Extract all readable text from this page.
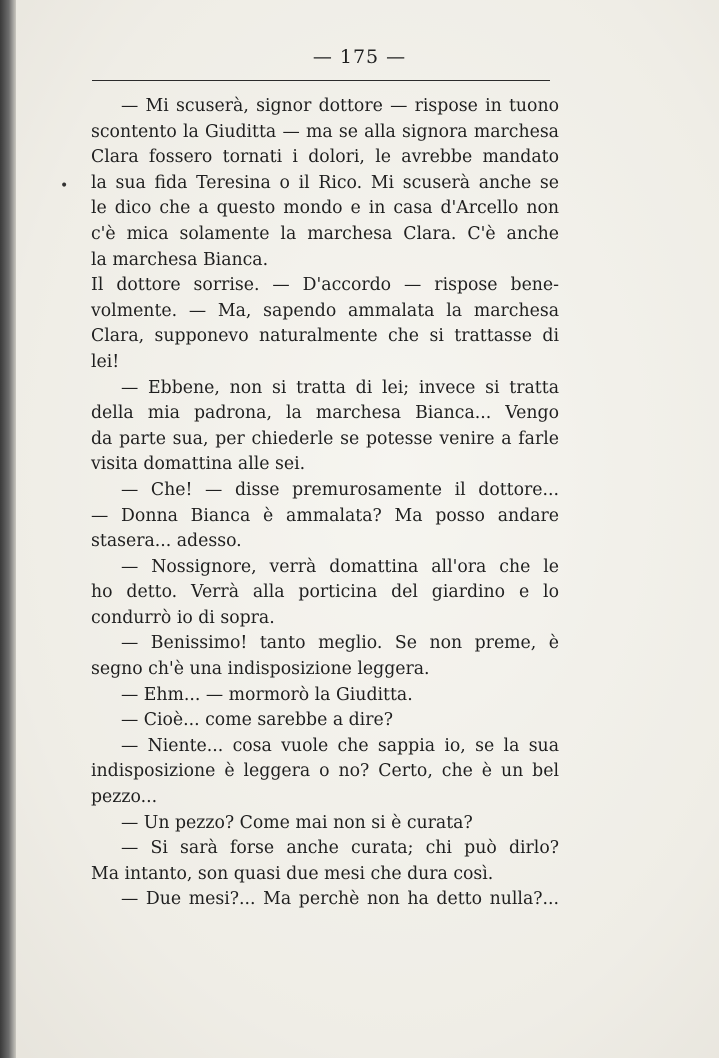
— 175 —
•
— Mi scuserà, signor dottore — rispose in tuono
scontento la Giuditta — ma se alla signora marchesa
Clara fossero tornati i dolori, le avrebbe mandato
la sua fida Teresina o il Rico. Mi scuserà anche se
le dico che a questo mondo e in casa d'Arcello non
c'è mica solamente la marchesa Clara. C'è anche
la marchesa Bianca.
Il dottore sorrise. — D'accordo — rispose bene-
volmente. — Ma, sapendo ammalata la marchesa
Clara, supponevo naturalmente che si trattasse di
lei!
— Ebbene, non si tratta di lei; invece si tratta
della mia padrona, la marchesa Bianca... Vengo
da parte sua, per chiederle se potesse venire a farle
visita domattina alle sei.
— Che! — disse premurosamente il dottore...
— Donna Bianca è ammalata? Ma posso andare
stasera... adesso.
— Nossignore, verrà domattina all'ora che le
ho detto. Verrà alla porticina del giardino e lo
condurrò io di sopra.
— Benissimo! tanto meglio. Se non preme, è
segno ch'è una indisposizione leggera.
— Ehm... — mormorò la Giuditta.
— Cioè... come sarebbe a dire?
— Niente... cosa vuole che sappia io, se la sua
indisposizione è leggera o no? Certo, che è un bel
pezzo...
— Un pezzo? Come mai non si è curata?
— Si sarà forse anche curata; chi può dirlo?
Ma intanto, son quasi due mesi che dura così.
— Due mesi?... Ma perchè non ha detto nulla?...
